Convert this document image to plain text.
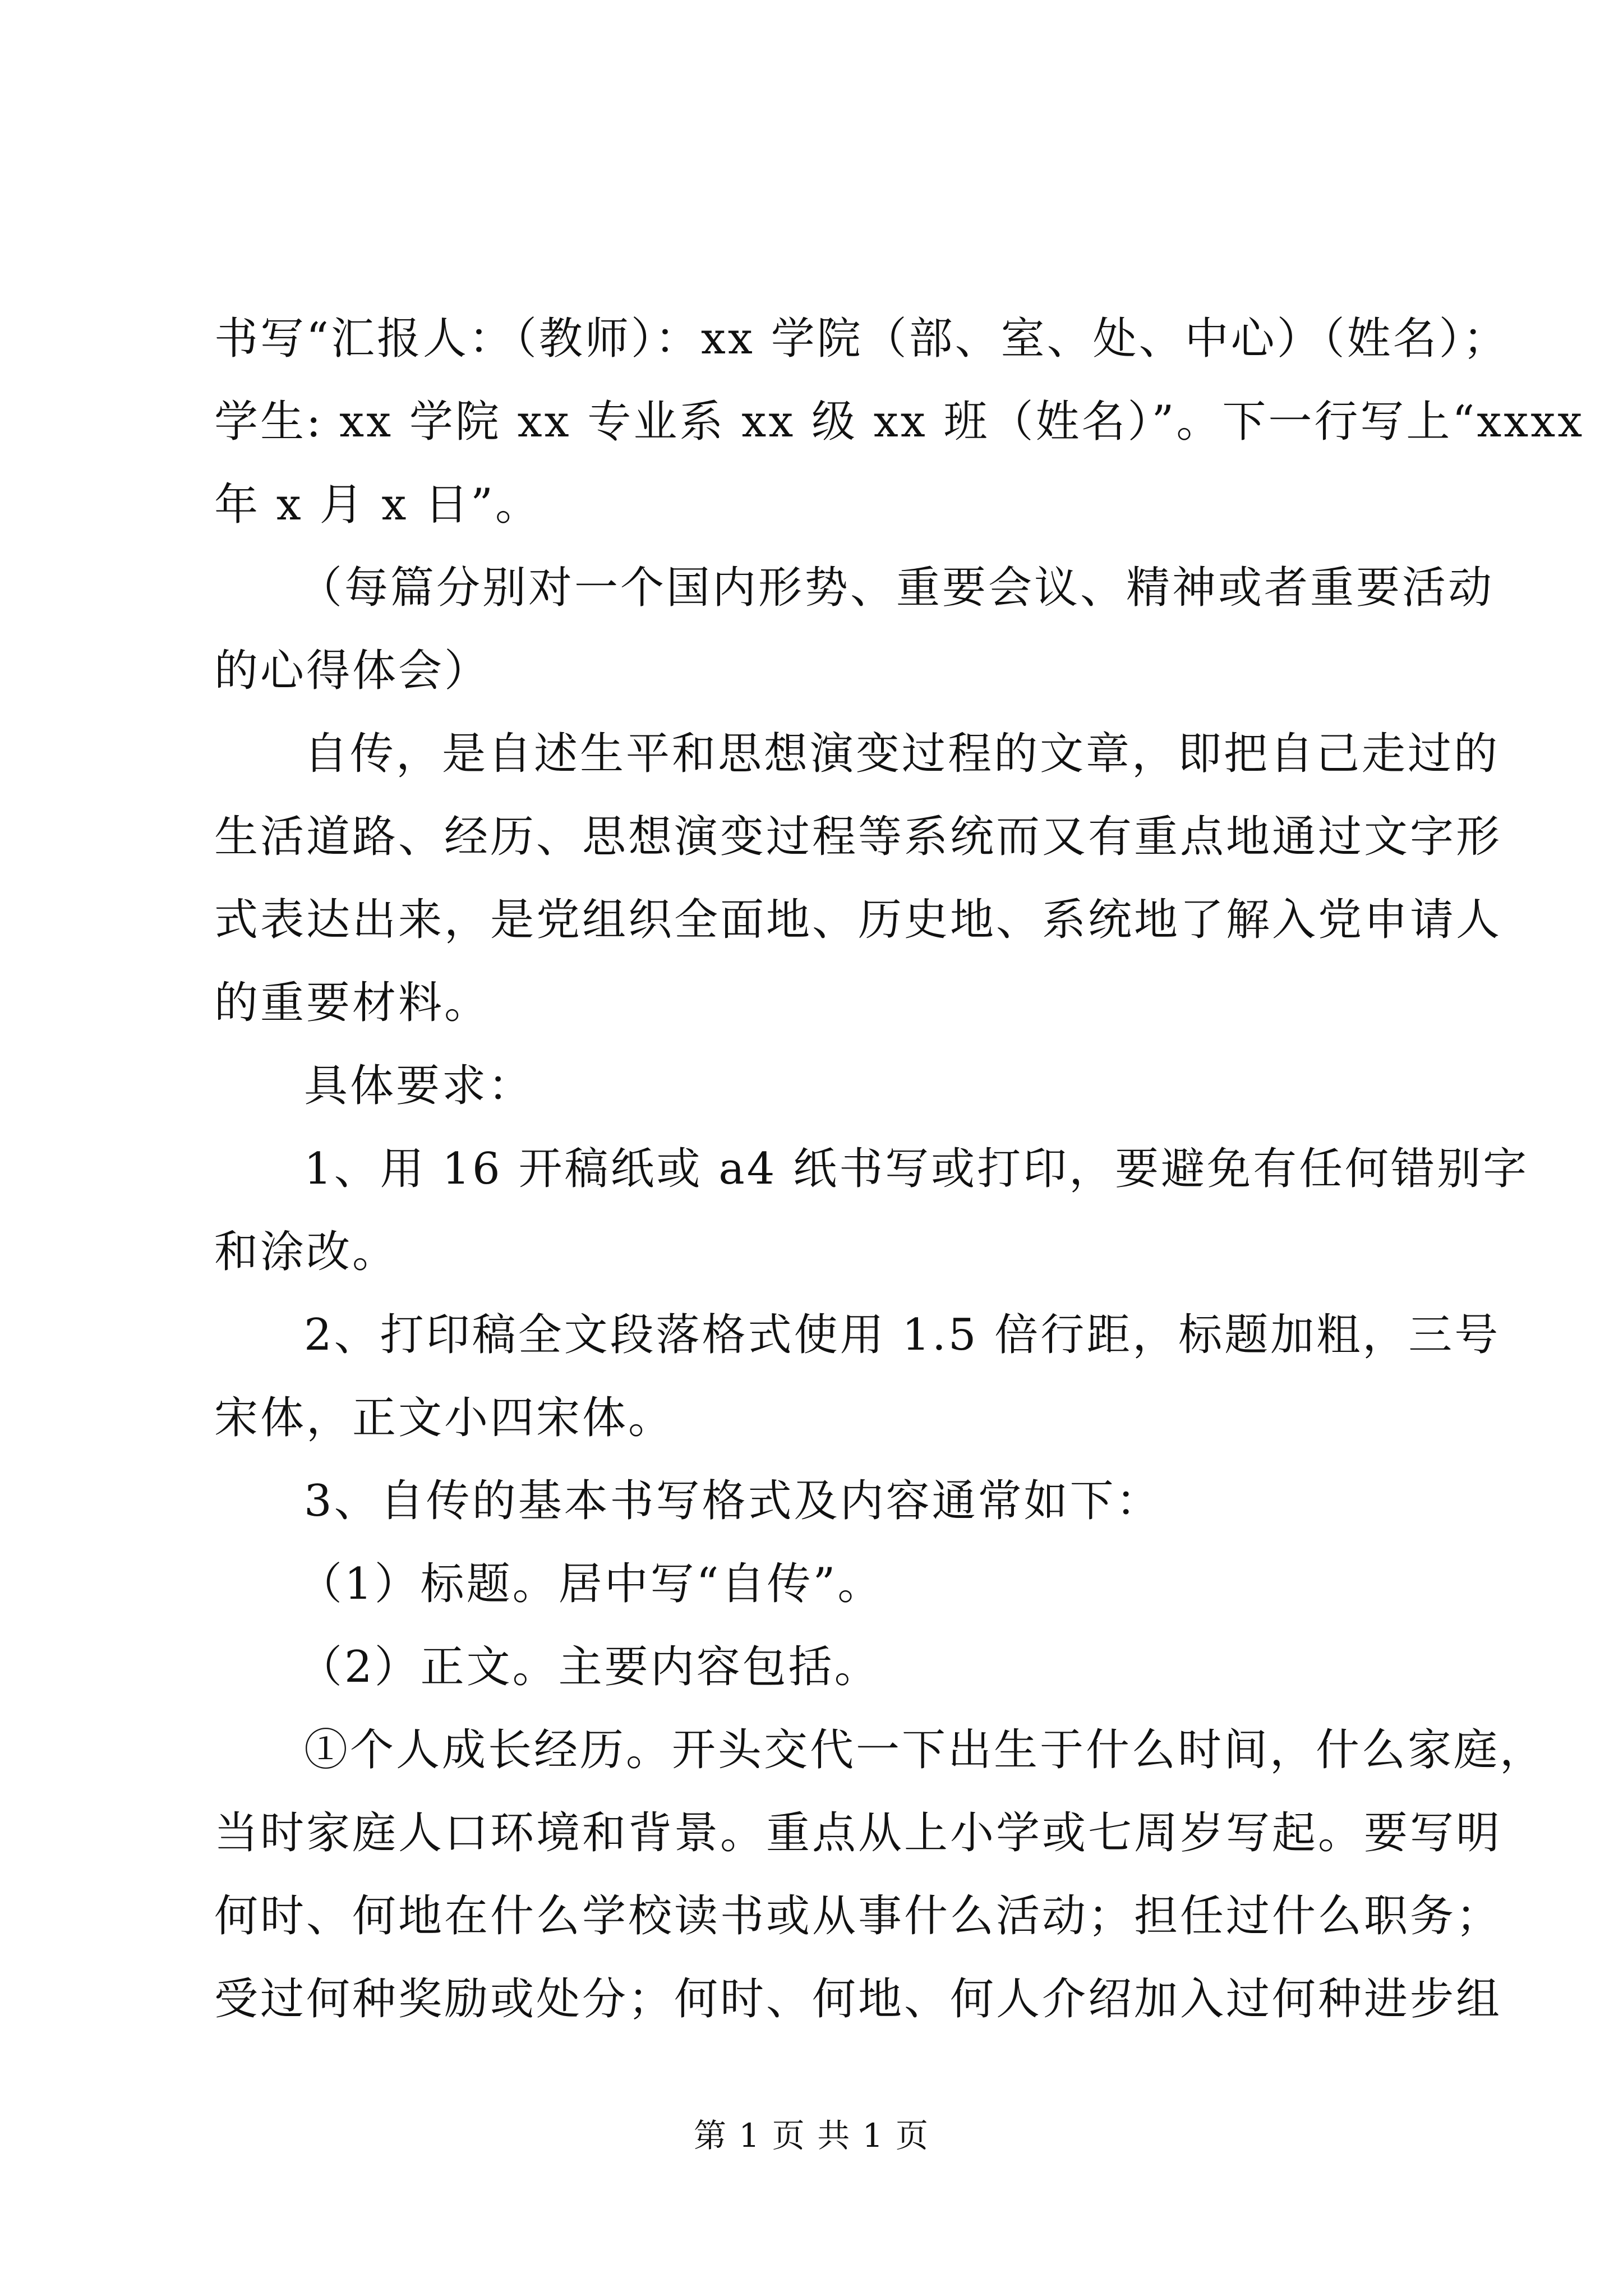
书写“汇报人：（教师）：xx 学院（部、室、处、中心）（姓名）；
学生: xx 学院 xx 专业系 xx 级 xx 班（姓名）”。下一行写上“xxxx
年 x 月 x 日”。
（每篇分别对一个国内形势、重要会议、精神或者重要活动
的心得体会）
自传，是自述生平和思想演变过程的文章，即把自己走过的
生活道路、经历、思想演变过程等系统而又有重点地通过文字形
式表达出来，是党组织全面地、历史地、系统地了解入党申请人
的重要材料。
具体要求：
1、用 16 开稿纸或 a4 纸书写或打印，要避免有任何错别字
和涂改。
2、打印稿全文段落格式使用 1.5 倍行距，标题加粗，三号
宋体，正文小四宋体。
3、自传的基本书写格式及内容通常如下：
（1）标题。居中写“自传”。
（2）正文。主要内容包括。
①个人成长经历。开头交代一下出生于什么时间，什么家庭，
当时家庭人口环境和背景。重点从上小学或七周岁写起。要写明
何时、何地在什么学校读书或从事什么活动；担任过什么职务；
受过何种奖励或处分；何时、何地、何人介绍加入过何种进步组
第 1 页 共 1 页
